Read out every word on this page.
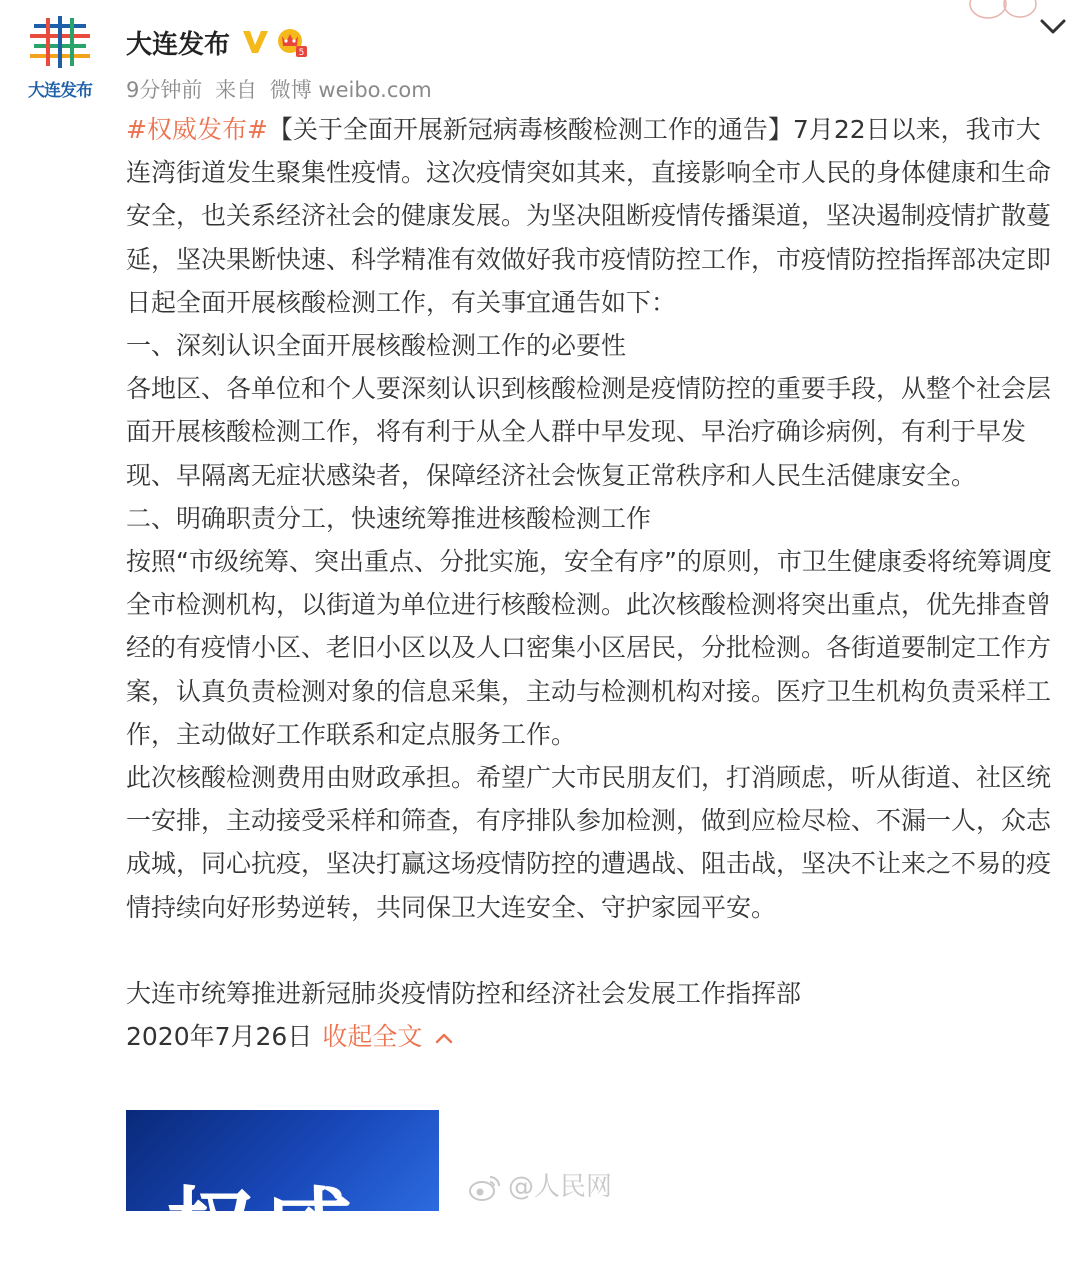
大连发布
大连发布	5
9分钟前 来自 微博 weibo.com

#权威发布#【关于全面开展新冠病毒核酸检测工作的通告】7月22日以来，我市大连湾街道发生聚集性疫情。这次疫情突如其来，直接影响全市人民的身体健康和生命安全，也关系经济社会的健康发展。为坚决阻断疫情传播渠道，坚决遏制疫情扩散蔓延，坚决果断快速、科学精准有效做好我市疫情防控工作，市疫情防控指挥部决定即日起全面开展核酸检测工作，有关事宜通告如下：

一、深刻认识全面开展核酸检测工作的必要性

各地区、各单位和个人要深刻认识到核酸检测是疫情防控的重要手段，从整个社会层面开展核酸检测工作，将有利于从全人群中早发现、早治疗确诊病例，有利于早发现、早隔离无症状感染者，保障经济社会恢复正常秩序和人民生活健康安全。

二、明确职责分工，快速统筹推进核酸检测工作

按照“市级统筹、突出重点、分批实施，安全有序”的原则，市卫生健康委将统筹调度全市检测机构，以街道为单位进行核酸检测。此次核酸检测将突出重点，优先排查曾经的有疫情小区、老旧小区以及人口密集小区居民，分批检测。各街道要制定工作方案，认真负责检测对象的信息采集，主动与检测机构对接。医疗卫生机构负责采样工作，主动做好工作联系和定点服务工作。

此次核酸检测费用由财政承担。希望广大市民朋友们，打消顾虑，听从街道、社区统一安排，主动接受采样和筛查，有序排队参加检测，做到应检尽检、不漏一人，众志成城，同心抗疫，坚决打赢这场疫情防控的遭遇战、阻击战，坚决不让来之不易的疫情持续向好形势逆转，共同保卫大连安全、守护家园平安。

大连市统筹推进新冠肺炎疫情防控和经济社会发展工作指挥部

2020年7月26日 收起全文

权威	@人民网
